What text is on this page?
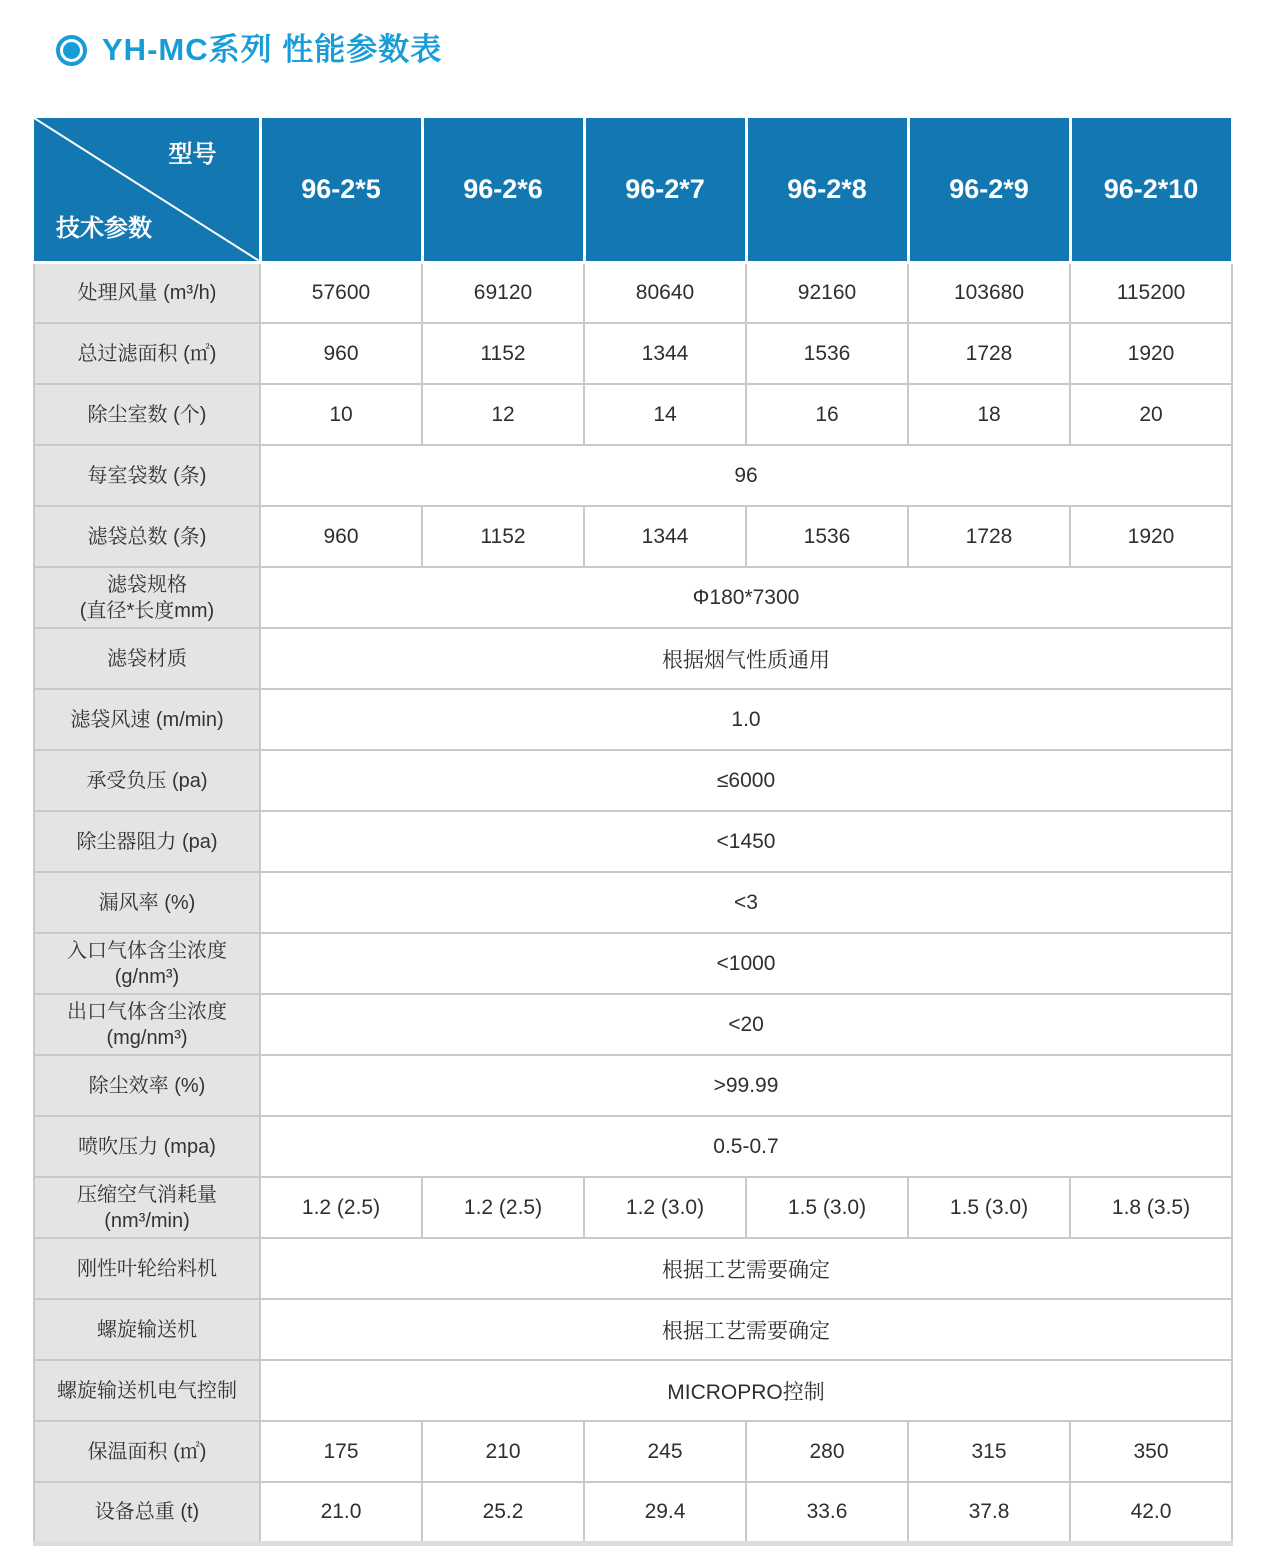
YH-MC系列 性能参数表
型号
技术参数	96-2*5	96-2*6	96-2*7	96-2*8	96-2*9	96-2*10
处理风量 (m³/h)	57600	69120	80640	92160	103680	115200
总过滤面积 (㎡)	960	1152	1344	1536	1728	1920
除尘室数 (个)	10	12	14	16	18	20
每室袋数 (条)	96					
滤袋总数 (条)	960	1152	1344	1536	1728	1920

滤袋规格
(直径*长度mm)	Φ180*7300					
滤袋材质	根据烟气性质通用					
滤袋风速 (m/min)	1.0					
承受负压 (pa)	≤6000					
除尘器阻力 (pa)	<1450					
漏风率 (%)	<3					

入口气体含尘浓度
(g/nm³)	<1000					

出口气体含尘浓度
(mg/nm³)	<20					
除尘效率 (%)	>99.99					
喷吹压力 (mpa)	0.5-0.7					

压缩空气消耗量
(nm³/min)	1.2 (2.5)	1.2 (2.5)	1.2 (3.0)	1.5 (3.0)	1.5 (3.0)	1.8 (3.5)
刚性叶轮给料机	根据工艺需要确定					
螺旋输送机	根据工艺需要确定					
螺旋输送机电气控制	MICROPRO控制					
保温面积 (㎡)	175	210	245	280	315	350
设备总重 (t)	21.0	25.2	29.4	33.6	37.8	42.0
